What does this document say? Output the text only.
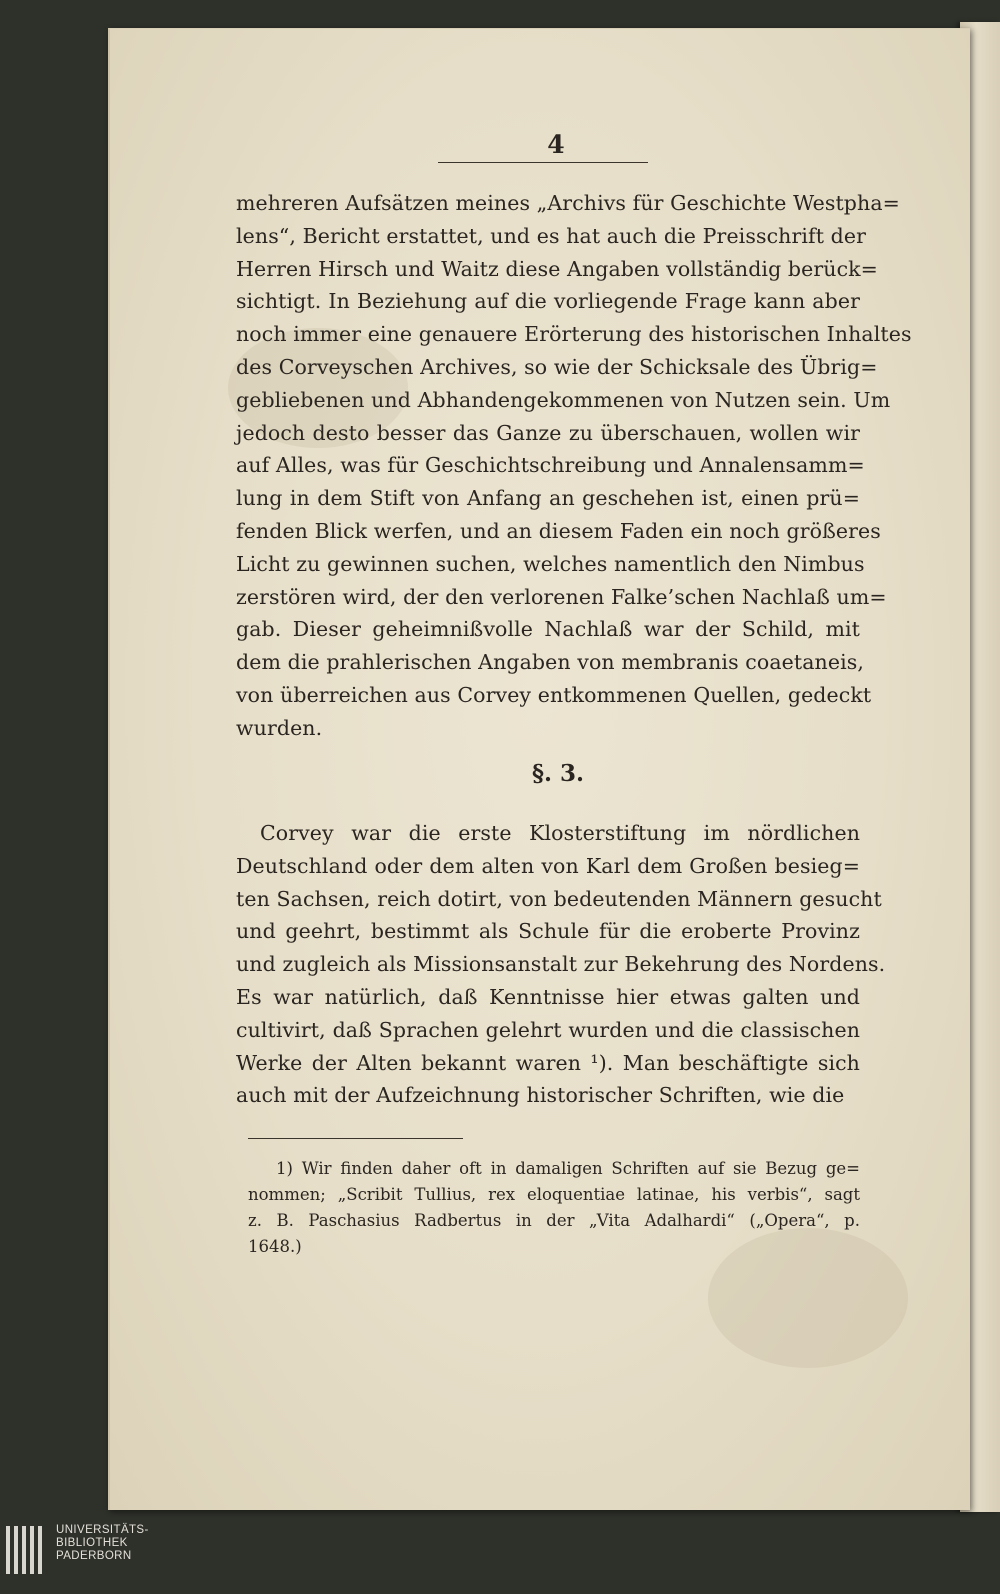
4
mehreren Aufsätzen meines „Archivs für Geschichte Westpha=
lens“, Bericht erstattet, und es hat auch die Preisschrift der
Herren Hirsch und Waitz diese Angaben vollständig berück=
sichtigt. In Beziehung auf die vorliegende Frage kann aber
noch immer eine genauere Erörterung des historischen Inhaltes
des Corveyschen Archives, so wie der Schicksale des Übrig=
gebliebenen und Abhandengekommenen von Nutzen sein. Um
jedoch desto besser das Ganze zu überschauen, wollen wir
auf Alles, was für Geschichtschreibung und Annalensamm=
lung in dem Stift von Anfang an geschehen ist, einen prü=
fenden Blick werfen, und an diesem Faden ein noch größeres
Licht zu gewinnen suchen, welches namentlich den Nimbus
zerstören wird, der den verlorenen Falke’schen Nachlaß um=
gab. Dieser geheimnißvolle Nachlaß war der Schild, mit
dem die prahlerischen Angaben von membranis coaetaneis,
von überreichen aus Corvey entkommenen Quellen, gedeckt
wurden.
§. 3.
Corvey war die erste Klosterstiftung im nördlichen
Deutschland oder dem alten von Karl dem Großen besieg=
ten Sachsen, reich dotirt, von bedeutenden Männern gesucht
und geehrt, bestimmt als Schule für die eroberte Provinz
und zugleich als Missionsanstalt zur Bekehrung des Nordens.
Es war natürlich, daß Kenntnisse hier etwas galten und
cultivirt, daß Sprachen gelehrt wurden und die classischen
Werke der Alten bekannt waren ¹). Man beschäftigte sich
auch mit der Aufzeichnung historischer Schriften, wie die
1) Wir finden daher oft in damaligen Schriften auf sie Bezug ge=
nommen; „Scribit Tullius, rex eloquentiae latinae, his verbis“, sagt
z. B. Paschasius Radbertus in der „Vita Adalhardi“ („Opera“, p.
1648.)
UNIVERSITÄTS-
BIBLIOTHEK
PADERBORN
